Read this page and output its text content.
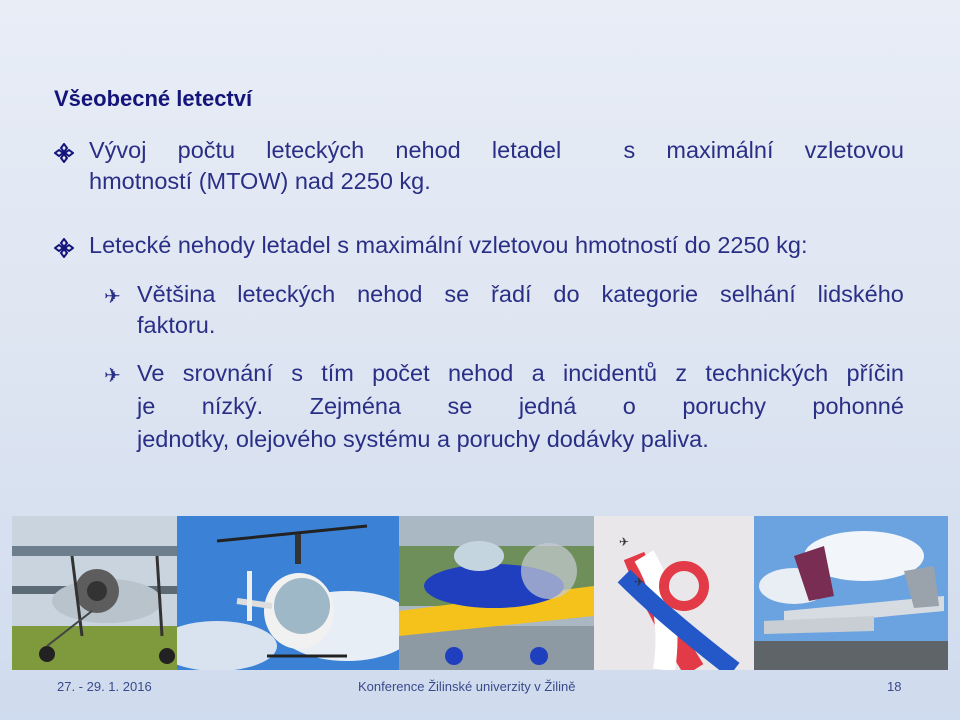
Všeobecné letectví
Vývoj počtu leteckých nehod letadel	s maximální vzletovou
hmotností (MTOW) nad 2250 kg.
Letecké nehody letadel s maximální vzletovou hmotností do 2250 kg:
✈ Většina leteckých nehod se řadí do kategorie selhání lidského
faktoru.
✈ Ve srovnání s tím počet nehod a incidentů z technických příčin
je nízký. Zejména se jedná o poruchy pohonné
jednotky, olejového systému a poruchy dodávky paliva.
✈
✈
27. - 29. 1. 2016	Konference Žilinské univerzity v Žilině	18
